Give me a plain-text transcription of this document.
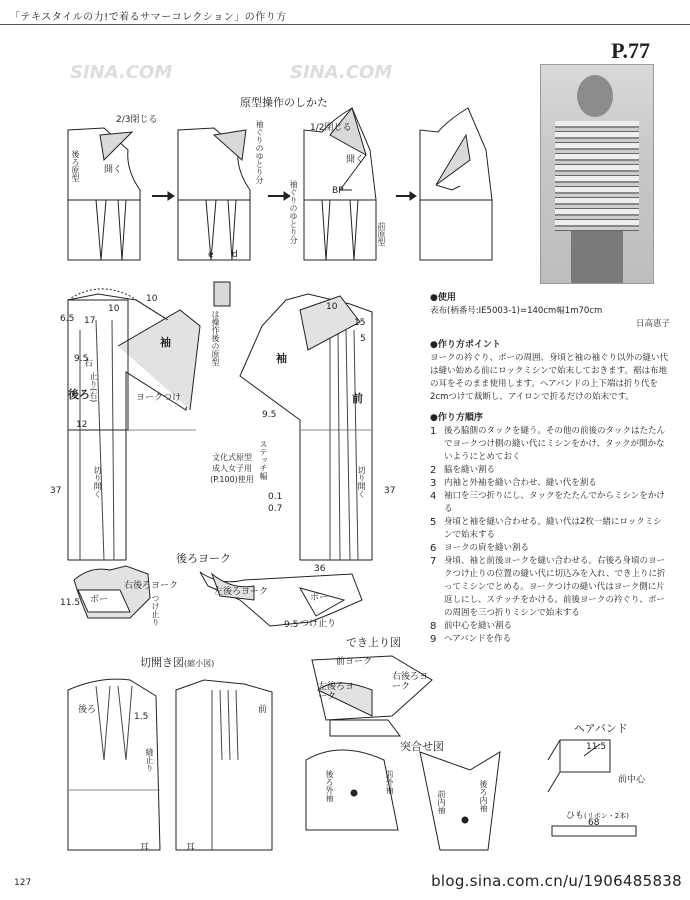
「テキスタイルの力!で着るサマーコレクション」の作り方
P.77
原型操作のしかた
SINA.COM	SINA.COM
2/3閉じる
後ろ原型	開く	袖ぐりのゆとり分	1/2閉じる
開く
袖ぐりのゆとり分	BP
前原型
e d
は操作後の原型
袖
袖
後ろ	前
右
止り(右)	ヨークつけ
切り開く	切り開く
ステッチ幅
0.1
0.7
文化式原型
成人女子用
(P.100)使用
6.5 17
10
10
9.5
12
37	37
10
15
5
9.5
後ろヨーク
ボー
右後ろヨーク
左後ろヨーク
ボー
つけ止り	つけ止り
11.5
36
9.5
切開き図(縮小図)
後ろ	前
縫止り
耳	耳
1.5
でき上り図
前ヨーク
左後ろヨーク
右後ろヨーク
突合せ図
後ろ外袖	前外袖
前内袖	後ろ内袖
ヘアバンド
前中心
11.5
ひも(リボン・2本)
68
●使用

表布(柄番号:IE5003-1)=140cm幅1m70cm

日高恵子

●作り方ポイント

ヨークの衿ぐり、ボーの周囲、身頃と袖の袖ぐり以外の縫い代は縫い始める前にロックミシンで始末しておきます。裾は布地の耳をそのまま使用します。ヘアバンドの上下端は折り代を2cmつけて裁断し、アイロンで折るだけの始末です。

●作り方順序
1 後ろ脇側のタックを縫う。その他の前後のタックはたたんでヨークつけ側の縫い代にミシンをかけ、タックが開かないようにとめておく
2 脇を縫い割る
3 内袖と外袖を縫い合わせ、縫い代を割る
4 袖口を三つ折りにし、タックをたたんでからミシンをかける
5 身頃と袖を縫い合わせる。縫い代は2枚一緒にロックミシンで始末する
6 ヨークの肩を縫い割る
7 身頃、袖と前後ヨークを縫い合わせる。右後ろ身頃のヨークつけ止りの位置の縫い代に切込みを入れ、でき上りに折ってミシンでとめる。ヨークつけの縫い代はヨーク側に片返しにし、ステッチをかける。前後ヨークの衿ぐり、ボーの周囲を三つ折りミシンで始末する
8 前中心を縫い割る
9 ヘアバンドを作る
127	blog.sina.com.cn/u/1906485838
